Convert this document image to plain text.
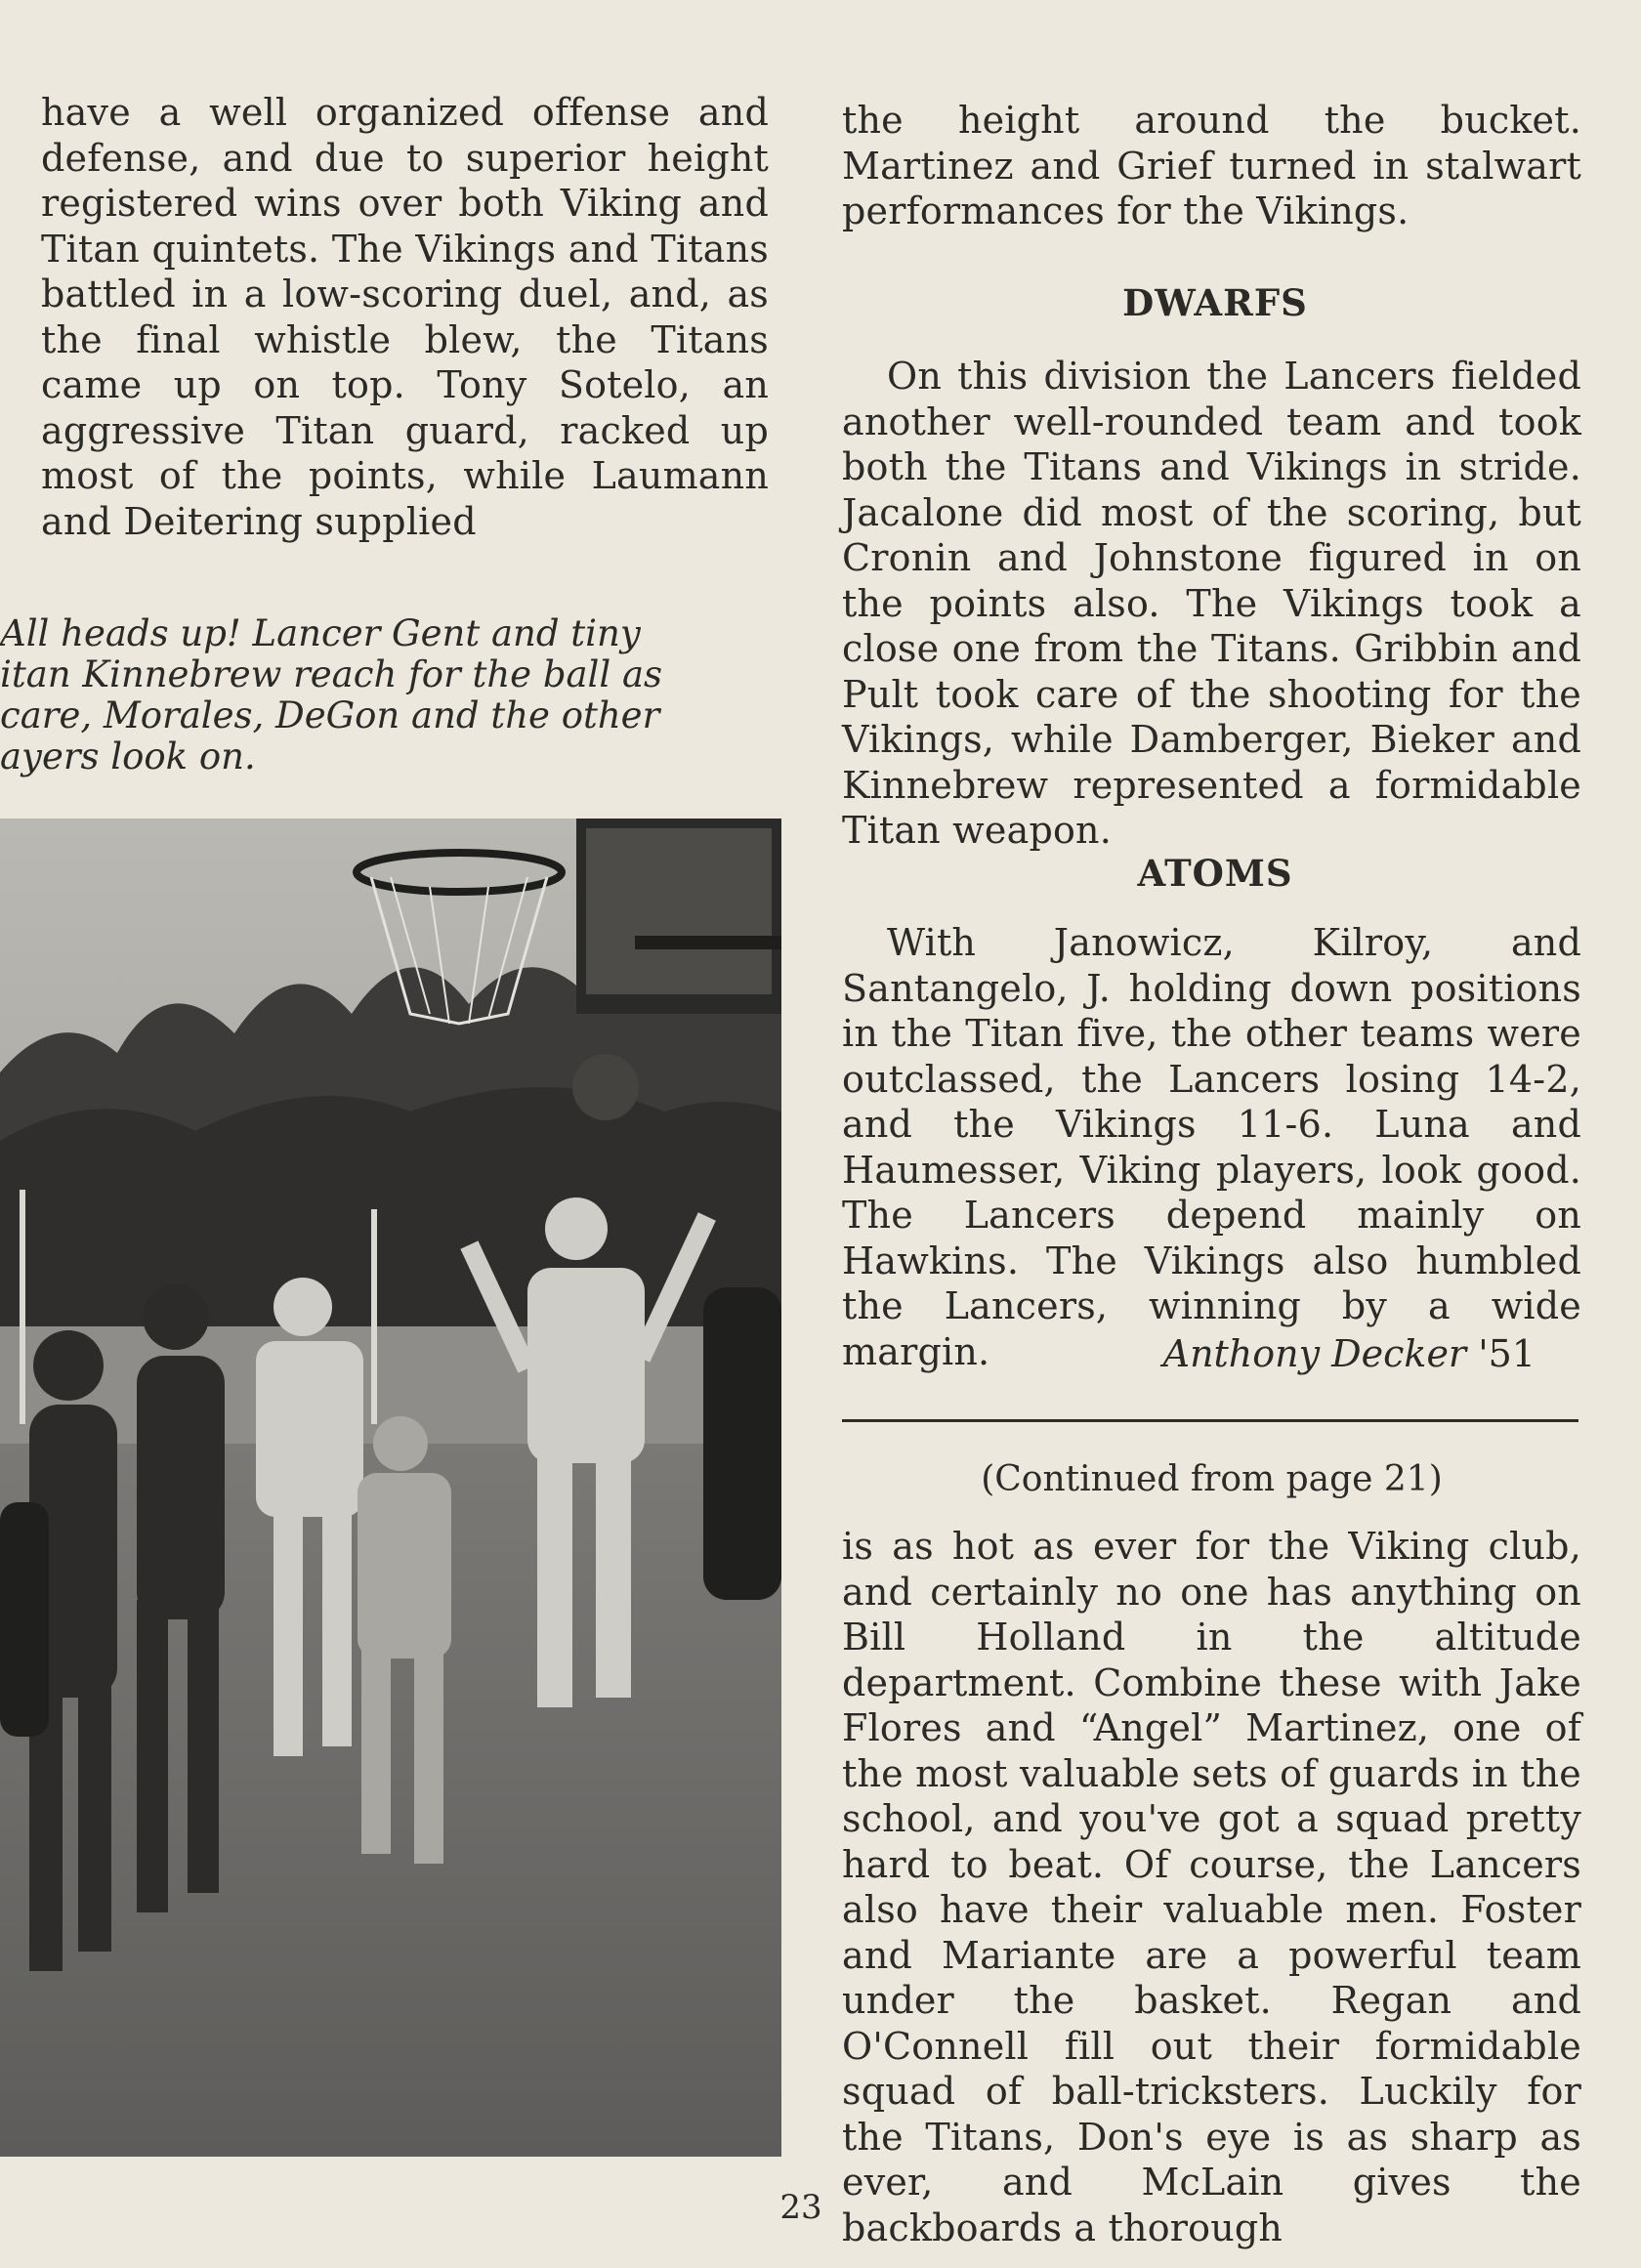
have a well organized offense and defense, and due to superior height registered wins over both Viking and Titan quintets. The Vikings and Titans battled in a low-scoring duel, and, as the final whistle blew, the Titans came up on top. Tony Sotelo, an aggressive Titan guard, racked up most of the points, while Laumann and Deitering supplied

All heads up! Lancer Gent and tiny
itan Kinnebrew reach for the ball as
care, Morales, DeGon and the other
ayers look on.

the height around the bucket. Martinez and Grief turned in stalwart performances for the Vikings.

DWARFS

On this division the Lancers fielded another well-rounded team and took both the Titans and Vikings in stride. Jacalone did most of the scoring, but Cronin and Johnstone figured in on the points also. The Vikings took a close one from the Titans. Gribbin and Pult took care of the shooting for the Vikings, while Damberger, Bieker and Kinnebrew represented a formidable Titan weapon.

ATOMS

With Janowicz, Kilroy, and Santangelo, J. holding down positions in the Titan five, the other teams were outclassed, the Lancers losing 14-2, and the Vikings 11-6. Luna and Haumesser, Viking players, look good. The Lancers depend mainly on Hawkins. The Vikings also humbled the Lancers, winning by a wide margin.	Anthony Decker '51

(Continued from page 21)

is as hot as ever for the Viking club, and certainly no one has anything on Bill Holland in the altitude department. Combine these with Jake Flores and “Angel” Martinez, one of the most valuable sets of guards in the school, and you've got a squad pretty hard to beat. Of course, the Lancers also have their valuable men. Foster and Mariante are a powerful team under the basket. Regan and O'Connell fill out their formidable squad of ball-tricksters. Luckily for the Titans, Don's eye is as sharp as ever, and McLain gives the backboards a thorough

23
